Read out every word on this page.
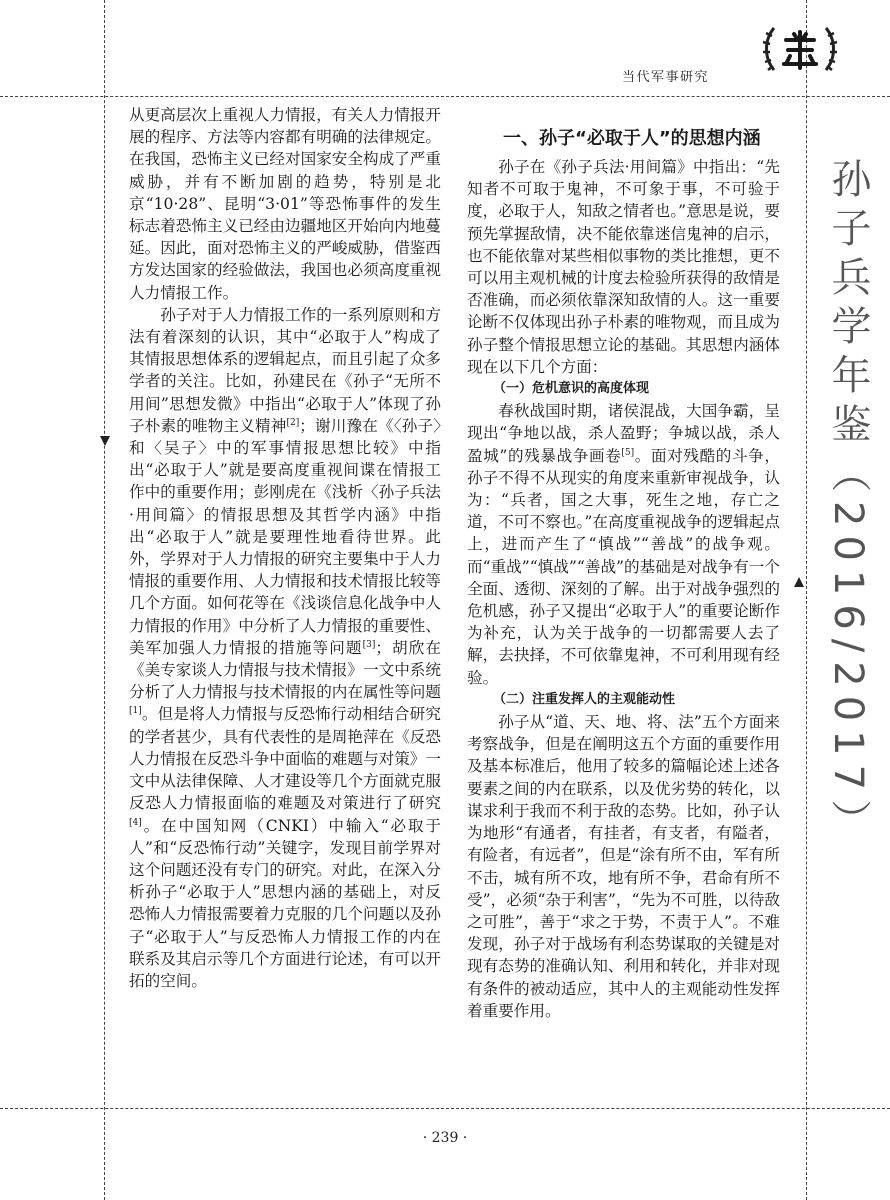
当代军事研究
孙子兵学年鉴（2016/2017）

从更高层次上重视人力情报，有关人力情报开展的程序、方法等内容都有明确的法律规定。在我国，恐怖主义已经对国家安全构成了严重威胁，并有不断加剧的趋势，特别是北京“10·28”、昆明“3·01”等恐怖事件的发生标志着恐怖主义已经由边疆地区开始向内地蔓延。因此，面对恐怖主义的严峻威胁，借鉴西方发达国家的经验做法，我国也必须高度重视人力情报工作。

孙子对于人力情报工作的一系列原则和方法有着深刻的认识，其中“必取于人”构成了其情报思想体系的逻辑起点，而且引起了众多学者的关注。比如，孙建民在《孙子“无所不用间”思想发微》中指出“必取于人”体现了孙子朴素的唯物主义精神[2]；谢川豫在《〈孙子〉和〈吴子〉中的军事情报思想比较》中指出“必取于人”就是要高度重视间谍在情报工作中的重要作用；彭刚虎在《浅析〈孙子兵法·用间篇〉的情报思想及其哲学内涵》中指出“必取于人”就是要理性地看待世界。此外，学界对于人力情报的研究主要集中于人力情报的重要作用、人力情报和技术情报比较等几个方面。如何花等在《浅谈信息化战争中人力情报的作用》中分析了人力情报的重要性、美军加强人力情报的措施等问题[3]；胡欣在《美专家谈人力情报与技术情报》一文中系统分析了人力情报与技术情报的内在属性等问题[1]。但是将人力情报与反恐怖行动相结合研究的学者甚少，具有代表性的是周艳萍在《反恐人力情报在反恐斗争中面临的难题与对策》一文中从法律保障、人才建设等几个方面就克服反恐人力情报面临的难题及对策进行了研究[4]。在中国知网（CNKI）中输入“必取于人”和“反恐怖行动”关键字，发现目前学界对这个问题还没有专门的研究。对此，在深入分析孙子“必取于人”思想内涵的基础上，对反恐怖人力情报需要着力克服的几个问题以及孙子“必取于人”与反恐怖人力情报工作的内在联系及其启示等几个方面进行论述，有可以开拓的空间。

一、孙子“必取于人”的思想内涵

孙子在《孙子兵法·用间篇》中指出：“先知者不可取于鬼神，不可象于事，不可验于度，必取于人，知敌之情者也。”意思是说，要预先掌握敌情，决不能依靠迷信鬼神的启示，也不能依靠对某些相似事物的类比推想，更不可以用主观机械的计度去检验所获得的敌情是否准确，而必须依靠深知敌情的人。这一重要论断不仅体现出孙子朴素的唯物观，而且成为孙子整个情报思想立论的基础。其思想内涵体现在以下几个方面：

（一）危机意识的高度体现

春秋战国时期，诸侯混战，大国争霸，呈现出“争地以战，杀人盈野；争城以战，杀人盈城”的残暴战争画卷[5]。面对残酷的斗争，孙子不得不从现实的角度来重新审视战争，认为：“兵者，国之大事，死生之地，存亡之道，不可不察也。”在高度重视战争的逻辑起点上，进而产生了“慎战”“善战”的战争观。而“重战”“慎战”“善战”的基础是对战争有一个全面、透彻、深刻的了解。出于对战争强烈的危机感，孙子又提出“必取于人”的重要论断作为补充，认为关于战争的一切都需要人去了解，去抉择，不可依靠鬼神，不可利用现有经验。

（二）注重发挥人的主观能动性

孙子从“道、天、地、将、法”五个方面来考察战争，但是在阐明这五个方面的重要作用及基本标准后，他用了较多的篇幅论述上述各要素之间的内在联系，以及优劣势的转化，以谋求利于我而不利于敌的态势。比如，孙子认为地形“有通者，有挂者，有支者，有隘者，有险者，有远者”，但是“涂有所不由，军有所不击，城有所不攻，地有所不争，君命有所不受”，必须“杂于利害”，“先为不可胜，以待敌之可胜”，善于“求之于势，不责于人”。不难发现，孙子对于战场有利态势谋取的关键是对现有态势的准确认知、利用和转化，并非对现有条件的被动适应，其中人的主观能动性发挥着重要作用。

· 239 ·
